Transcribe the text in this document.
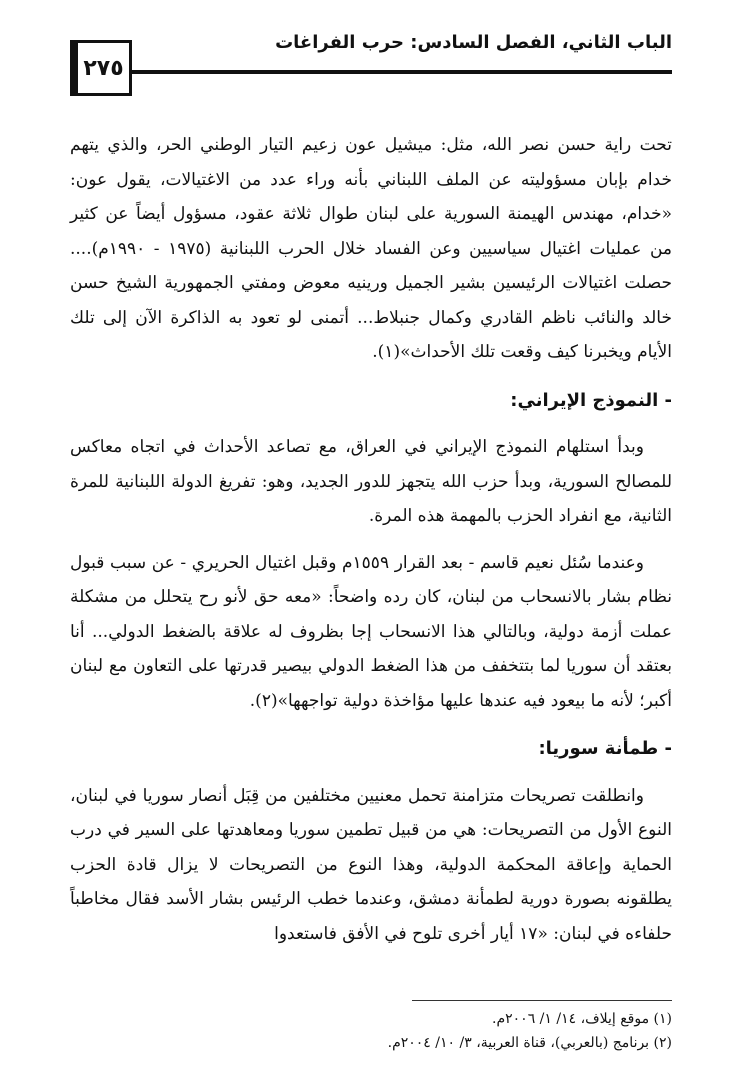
الباب الثاني، الفصل السادس: حرب الفراغات
٢٧٥

تحت راية حسن نصر الله، مثل: ميشيل عون زعيم التيار الوطني الحر، والذي يتهم خدام بإبان مسؤوليته عن الملف اللبناني بأنه وراء عدد من الاغتيالات، يقول عون: «خدام، مهندس الهيمنة السورية على لبنان طوال ثلاثة عقود، مسؤول أيضاً عن كثير من عمليات اغتيال سياسيين وعن الفساد خلال الحرب اللبنانية (١٩٧٥ - ١٩٩٠م).... حصلت اغتيالات الرئيسين بشير الجميل ورينيه معوض ومفتي الجمهورية الشيخ حسن خالد والنائب ناظم القادري وكمال جنبلاط... أتمنى لو تعود به الذاكرة الآن إلى تلك الأيام ويخبرنا كيف وقعت تلك الأحداث»(١).

- النموذج الإيراني:

وبدأ استلهام النموذج الإيراني في العراق، مع تصاعد الأحداث في اتجاه معاكس للمصالح السورية، وبدأ حزب الله يتجهز للدور الجديد، وهو: تفريغ الدولة اللبنانية للمرة الثانية، مع انفراد الحزب بالمهمة هذه المرة.

وعندما سُئل نعيم قاسم - بعد القرار ١٥٥٩م وقبل اغتيال الحريري - عن سبب قبول نظام بشار بالانسحاب من لبنان، كان رده واضحاً: «معه حق لأنو رح يتحلل من مشكلة عملت أزمة دولية، وبالتالي هذا الانسحاب إجا بظروف له علاقة بالضغط الدولي... أنا بعتقد أن سوريا لما بتتخفف من هذا الضغط الدولي بيصير قدرتها على التعاون مع لبنان أكبر؛ لأنه ما بيعود فيه عندها عليها مؤاخذة دولية تواجهها»(٢).

- طمأنة سوريا:

وانطلقت تصريحات متزامنة تحمل معنيين مختلفين من قِبَل أنصار سوريا في لبنان، النوع الأول من التصريحات: هي من قبيل تطمين سوريا ومعاهدتها على السير في درب الحماية وإعاقة المحكمة الدولية، وهذا النوع من التصريحات لا يزال قادة الحزب يطلقونه بصورة دورية لطمأنة دمشق، وعندما خطب الرئيس بشار الأسد فقال مخاطباً حلفاءه في لبنان: «١٧ أيار أخرى تلوح في الأفق فاستعدوا

(١) موقع إيلاف، ١٤/ ١/ ٢٠٠٦م.
(٢) برنامج (بالعربي)، قناة العربية، ٣/ ١٠/ ٢٠٠٤م.
